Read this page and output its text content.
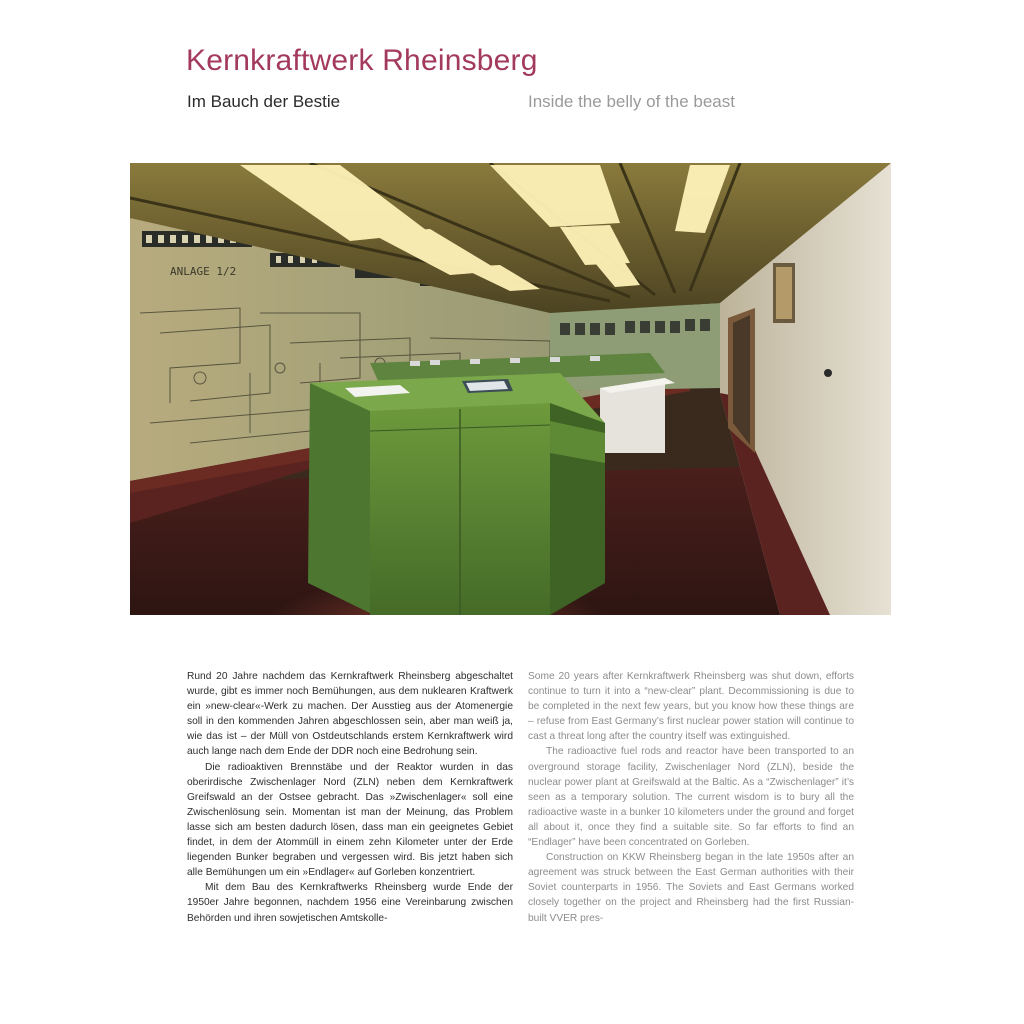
Kernkraftwerk Rheinsberg
Im Bauch der Bestie	Inside the belly of the beast
ANLAGE 1/2

Rund 20 Jahre nachdem das Kernkraftwerk Rheinsberg abgeschaltet wurde, gibt es immer noch Bemühungen, aus dem nuklearen Kraftwerk ein »new-clear«-Werk zu machen. Der Ausstieg aus der Atomenergie soll in den kommenden Jahren abgeschlossen sein, aber man weiß ja, wie das ist – der Müll von Ostdeutschlands erstem Kernkraftwerk wird auch lange nach dem Ende der DDR noch eine Bedrohung sein.

Die radioaktiven Brennstäbe und der Reaktor wurden in das oberirdische Zwischenlager Nord (ZLN) neben dem Kernkraftwerk Greifswald an der Ostsee gebracht. Das »Zwischenlager« soll eine Zwischenlösung sein. Momentan ist man der Meinung, das Problem lasse sich am besten dadurch lösen, dass man ein geeignetes Gebiet findet, in dem der Atommüll in einem zehn Kilometer unter der Erde liegenden Bunker begraben und vergessen wird. Bis jetzt haben sich alle Bemühungen um ein »Endlager« auf Gorleben konzentriert.

Mit dem Bau des Kernkraftwerks Rheinsberg wurde Ende der 1950er Jahre begonnen, nachdem 1956 eine Vereinbarung zwischen Behörden und ihren sowjetischen Amtskolle-

Some 20 years after Kernkraftwerk Rheinsberg was shut down, efforts continue to turn it into a “new-clear” plant. Decommissioning is due to be completed in the next few years, but you know how these things are – refuse from East Germany’s first nuclear power station will continue to cast a threat long after the country itself was extinguished.

The radioactive fuel rods and reactor have been transported to an overground storage facility, Zwischenlager Nord (ZLN), beside the nuclear power plant at Greifswald at the Baltic. As a “Zwischenlager” it’s seen as a temporary solution. The current wisdom is to bury all the radioactive waste in a bunker 10 kilometers under the ground and forget all about it, once they find a suitable site. So far efforts to find an “Endlager” have been concentrated on Gorleben.

Construction on KKW Rheinsberg began in the late 1950s after an agreement was struck between the East German authorities with their Soviet counterparts in 1956. The Soviets and East Germans worked closely together on the project and Rheinsberg had the first Russian-built VVER pres-
